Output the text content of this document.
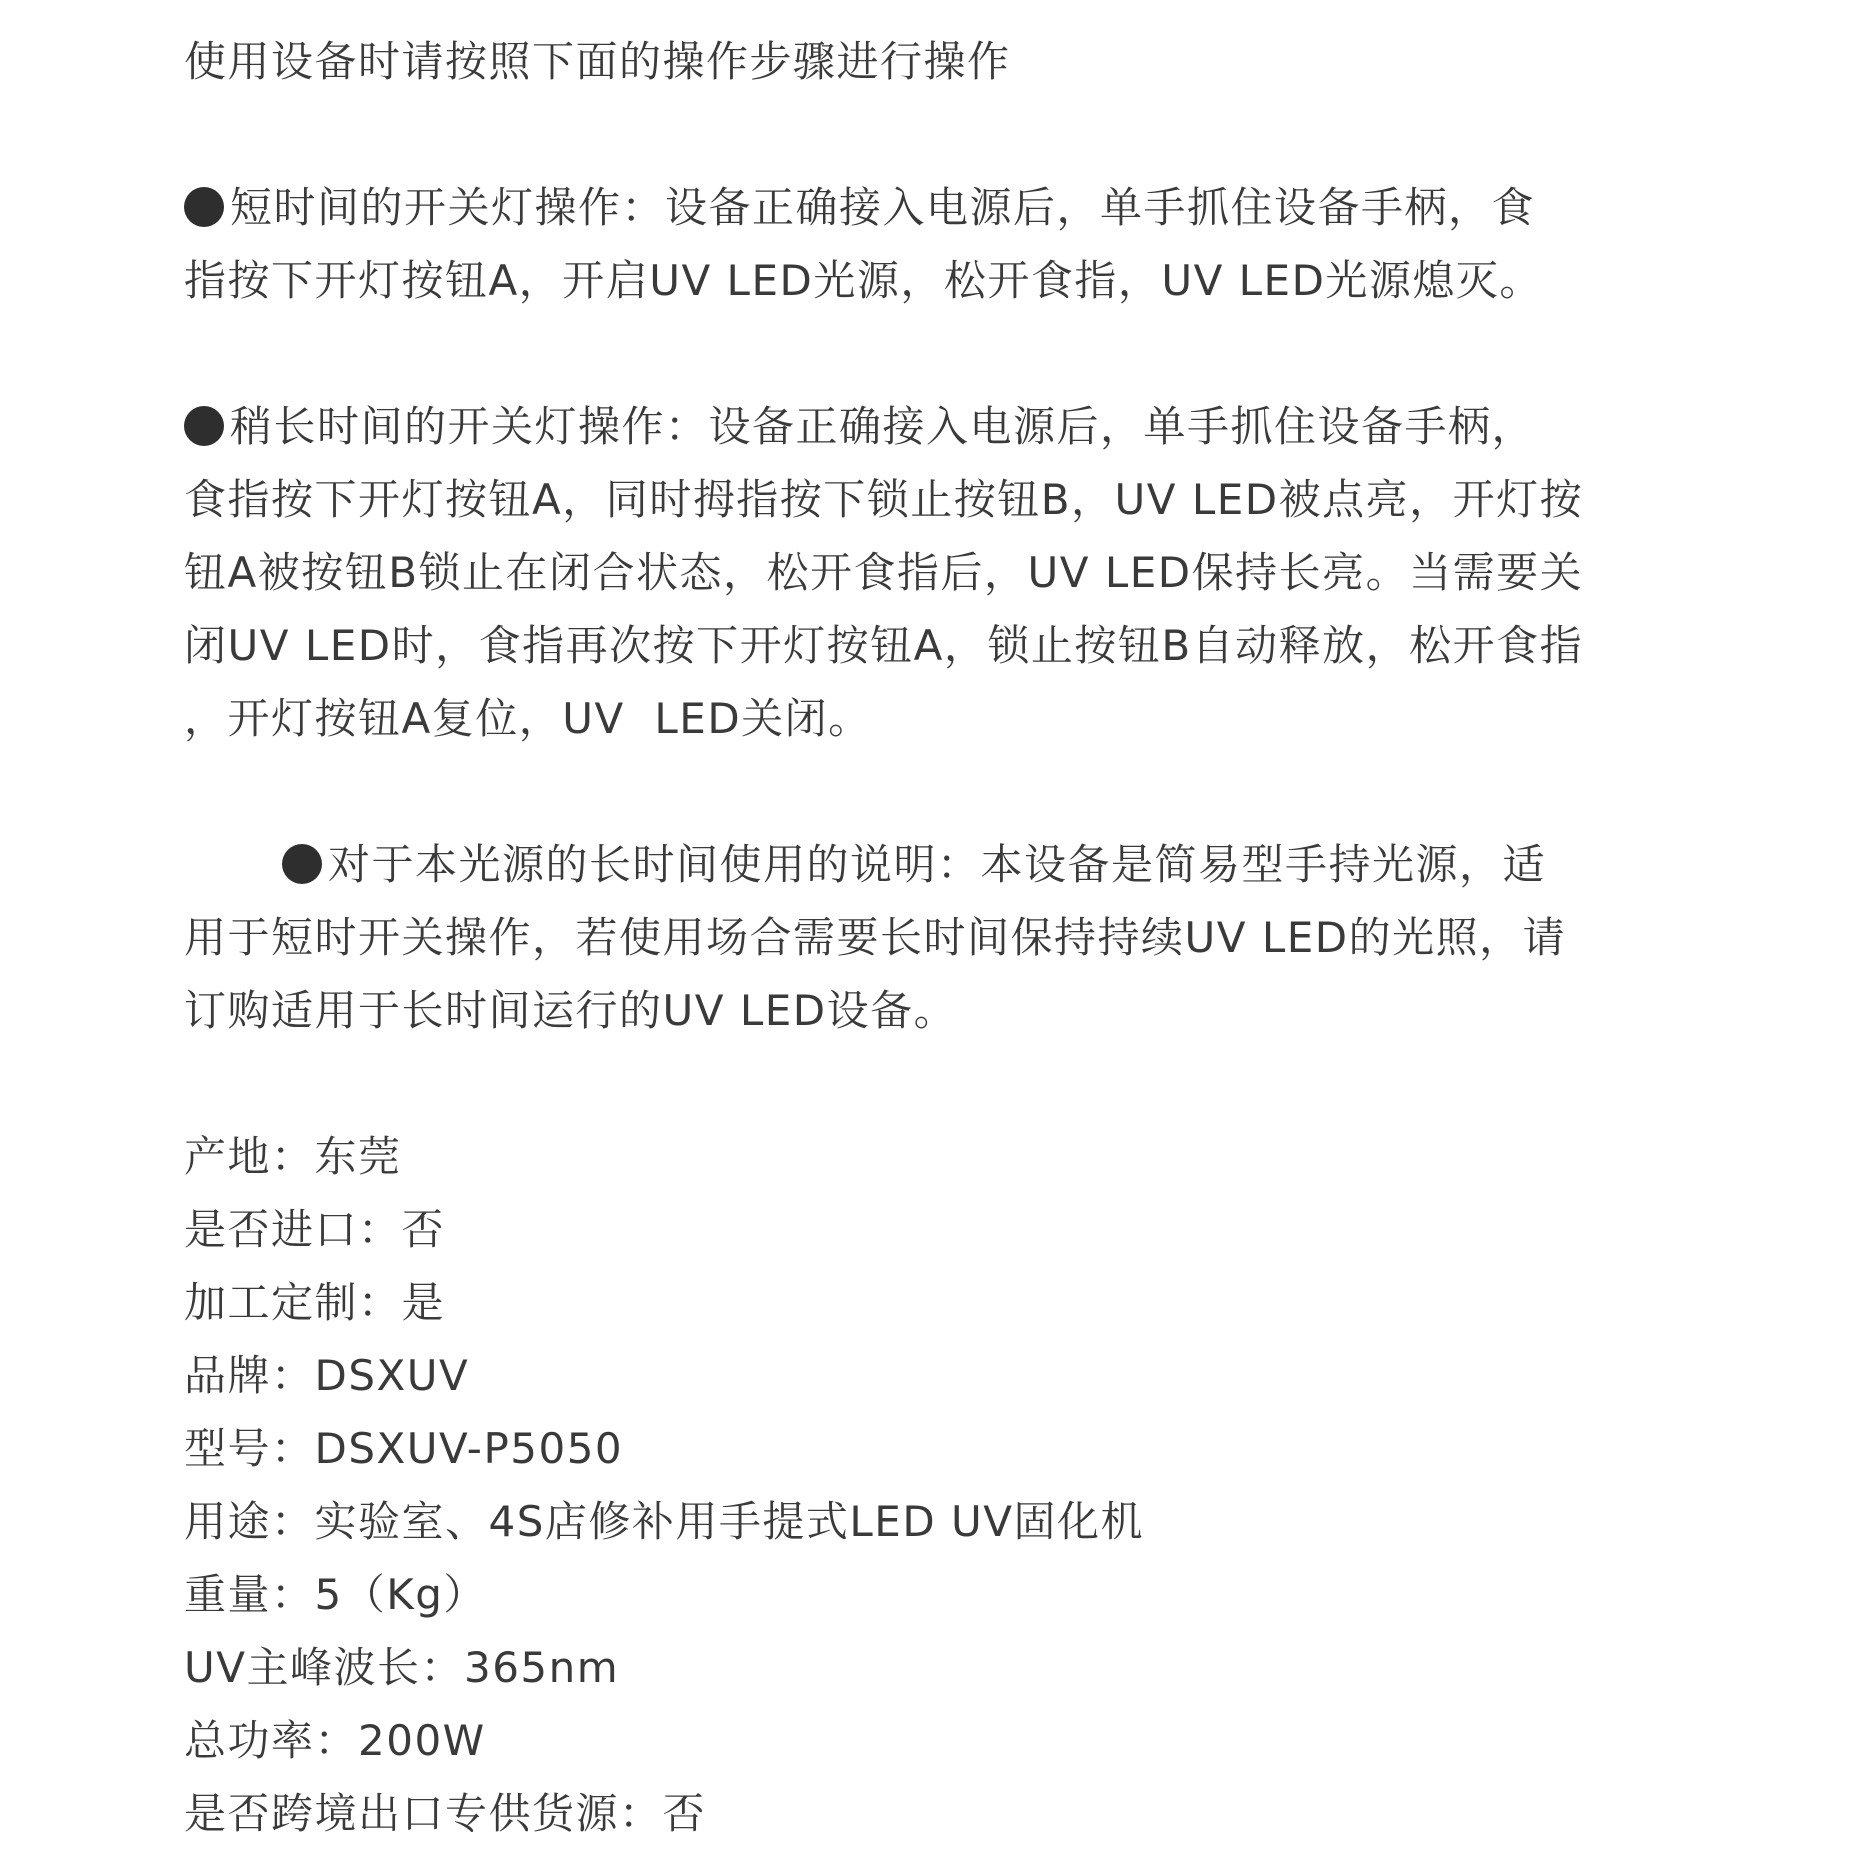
使用设备时请按照下面的操作步骤进行操作
短时间的开关灯操作：设备正确接入电源后，单手抓住设备手柄，食
指按下开灯按钮A，开启UV LED光源，松开食指，UV LED光源熄灭。
稍长时间的开关灯操作：设备正确接入电源后，单手抓住设备手柄，
食指按下开灯按钮A，同时拇指按下锁止按钮B，UV LED被点亮，开灯按
钮A被按钮B锁止在闭合状态，松开食指后，UV LED保持长亮。当需要关
闭UV LED时，食指再次按下开灯按钮A，锁止按钮B自动释放，松开食指
，开灯按钮A复位，UV  LED关闭。
对于本光源的长时间使用的说明：本设备是简易型手持光源，适
用于短时开关操作，若使用场合需要长时间保持持续UV LED的光照，请
订购适用于长时间运行的UV LED设备。
产地：东莞
是否进口：否
加工定制：是
品牌：DSXUV
型号：DSXUV-P5050
用途：实验室、4S店修补用手提式LED UV固化机
重量：5（Kg）
UV主峰波长：365nm
总功率：200W
是否跨境出口专供货源：否
